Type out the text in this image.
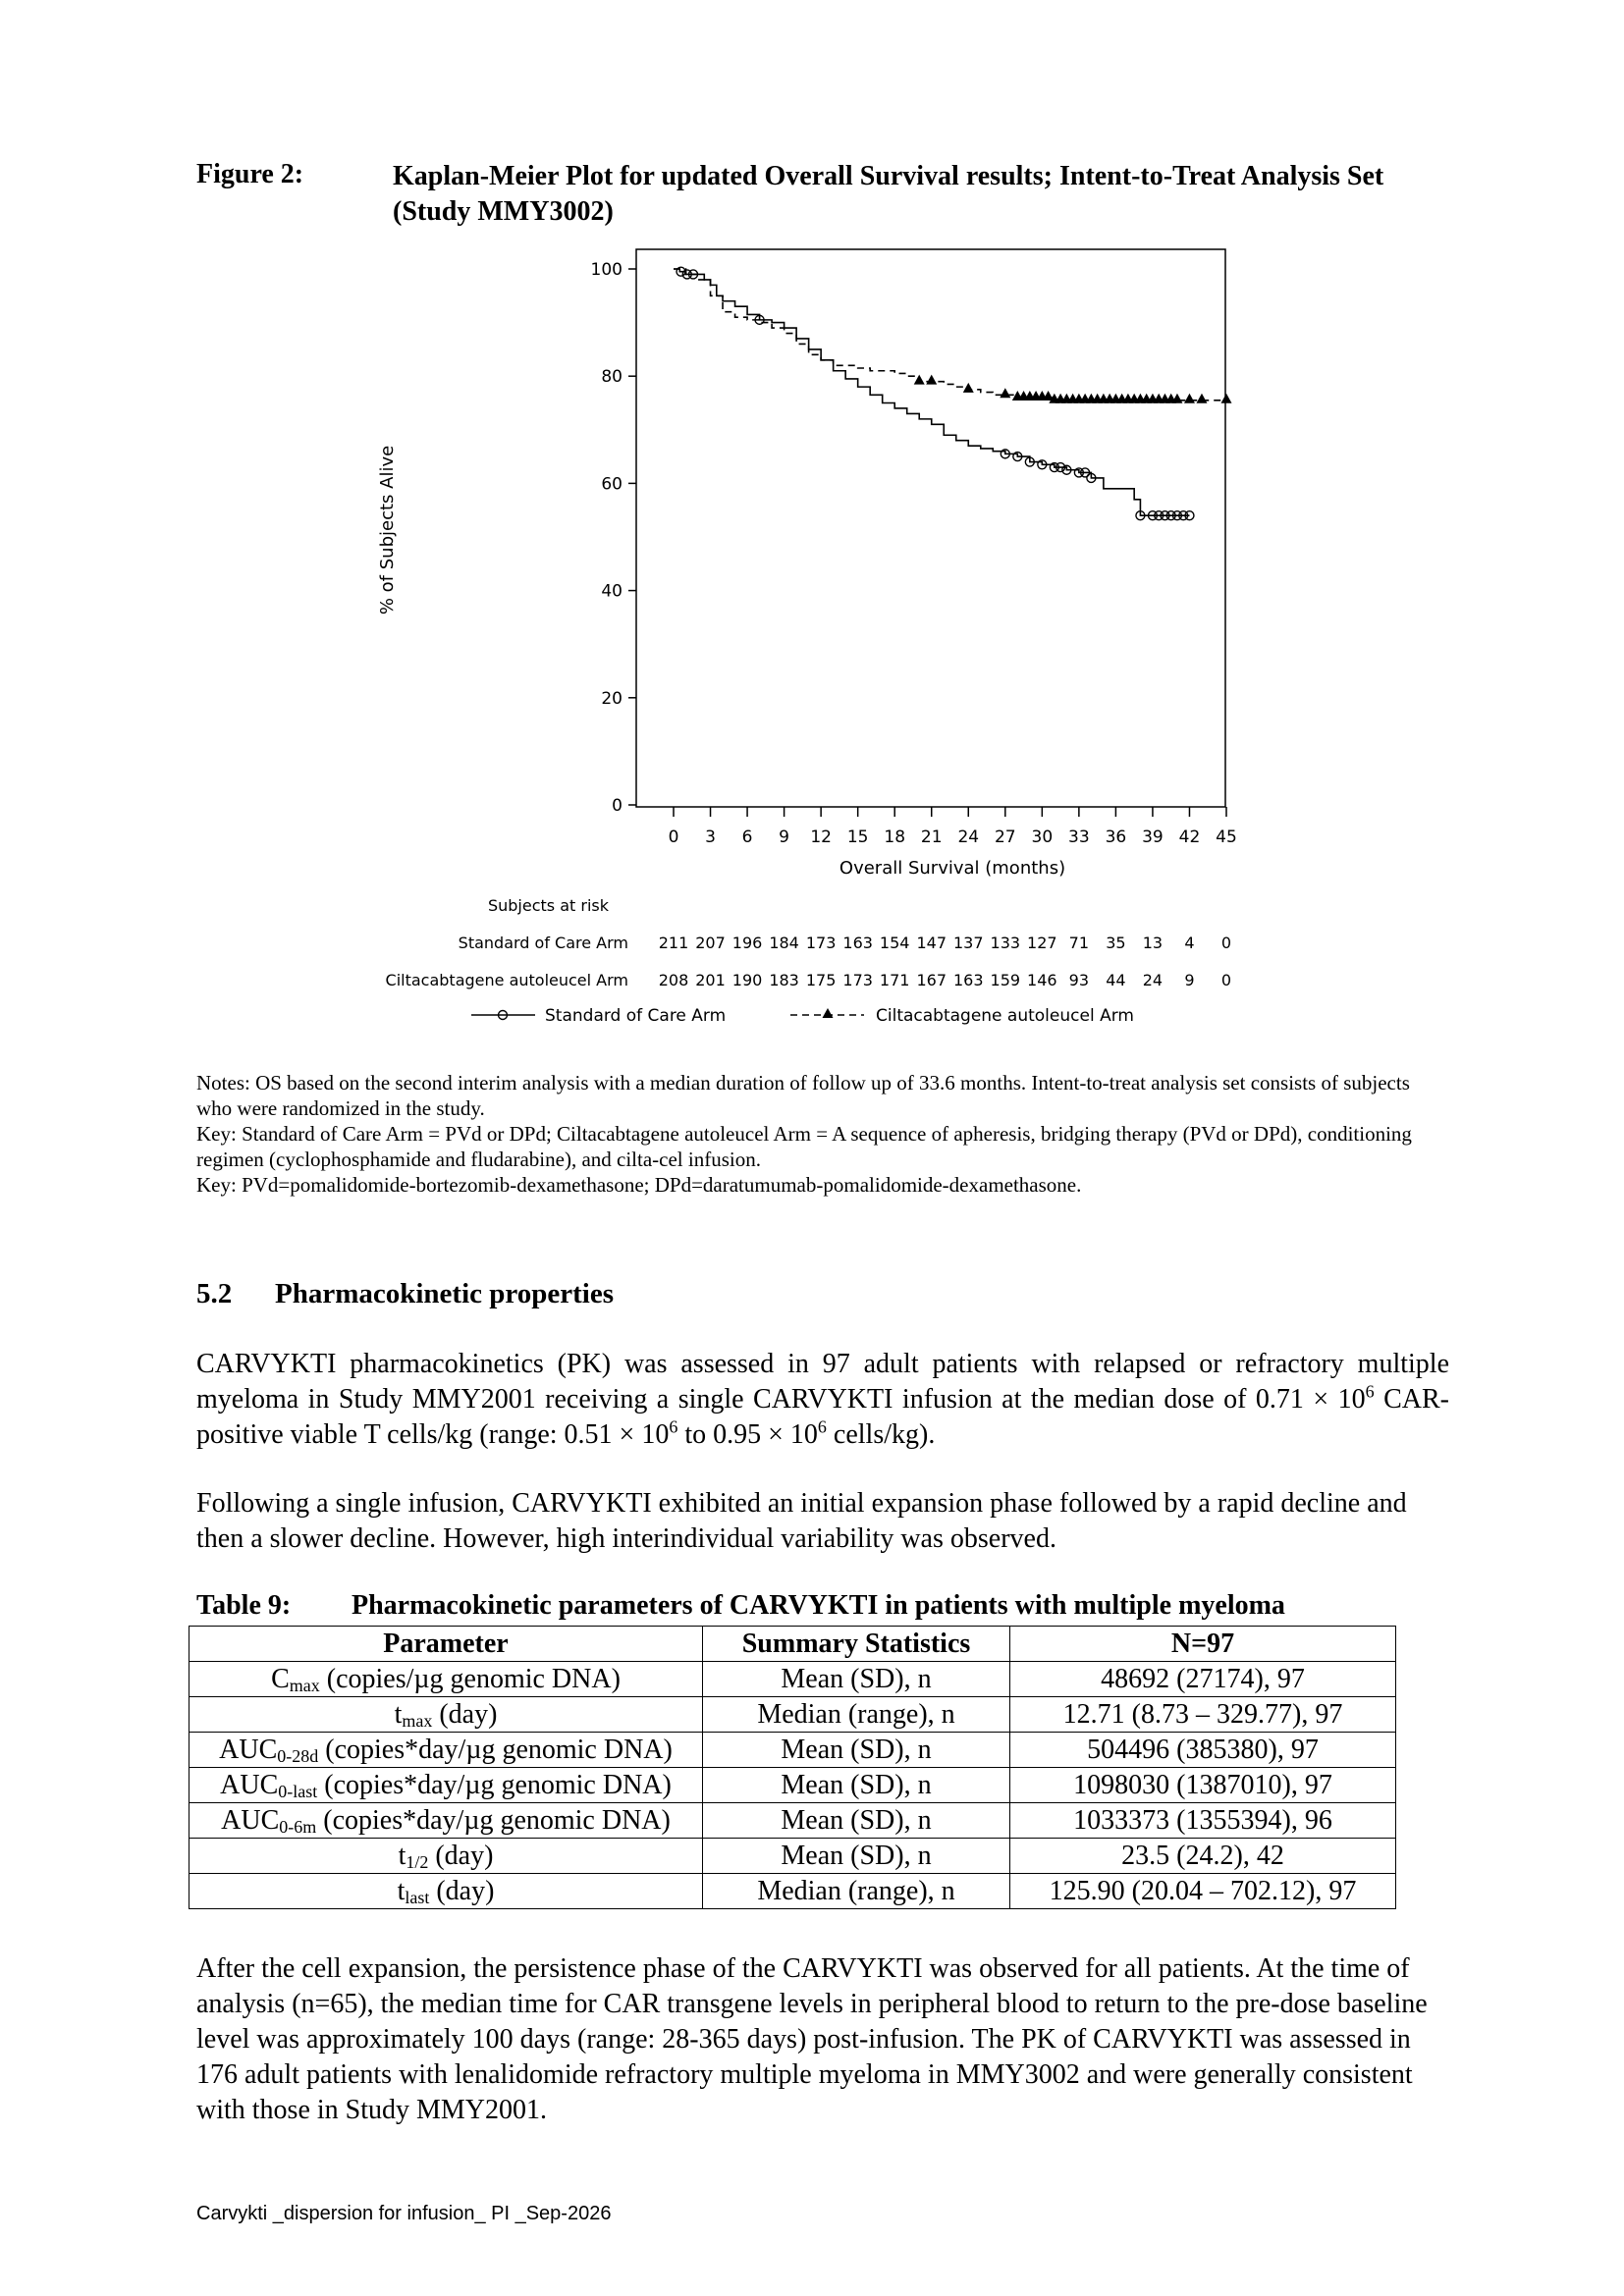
Figure 2:	Kaplan-Meier Plot for updated Overall Survival results; Intent-to-Treat Analysis Set (Study MMY3002)
0
20
40
60
80
100
0 3 6 9 12 15 18 21 24 27 30 33 36 39 42 45
Overall Survival (months)
% of Subjects Alive
Subjects at risk
Standard of Care Arm 211 207 196 184 173 163 154 147 137 133 127 71 35 13 4 0
Ciltacabtagene autoleucel Arm 208 201 190 183 175 173 171 167 163 159 146 93 44 24 9 0
Standard of Care Arm	Ciltacabtagene autoleucel Arm

Notes: OS based on the second interim analysis with a median duration of follow up of 33.6 months. Intent-to-treat analysis set consists of subjects who were randomized in the study.

Key: Standard of Care Arm = PVd or DPd; Ciltacabtagene autoleucel Arm = A sequence of apheresis, bridging therapy (PVd or DPd), conditioning regimen (cyclophosphamide and fludarabine), and cilta-cel infusion.

Key: PVd=pomalidomide-bortezomib-dexamethasone; DPd=daratumumab-pomalidomide-dexamethasone.

5.2 Pharmacokinetic properties

CARVYKTI pharmacokinetics (PK) was assessed in 97 adult patients with relapsed or refractory multiple myeloma in Study MMY2001 receiving a single CARVYKTI infusion at the median dose of $0.71 \times 10^6$ CAR-positive viable T cells/kg (range: $0.51 \times 10^6$ to $0.95 \times 10^6$ cells/kg).

Following a single infusion, CARVYKTI exhibited an initial expansion phase followed by a rapid decline and then a slower decline. However, high interindividual variability was observed.

Table 9: Pharmacokinetic parameters of CARVYKTI in patients with multiple myeloma
Parameter	Summary Statistics	N=97
$C_{max}$ (copies/µg genomic DNA)	Mean (SD), n	48692 (27174), 97
$t_{max}$ (day)	Median (range), n	12.71 (8.73 – 329.77), 97
$AUC_{0-28d}$ (copies*day/µg genomic DNA)	Mean (SD), n	504496 (385380), 97
$AUC_{0-last}$ (copies*day/µg genomic DNA)	Mean (SD), n	1098030 (1387010), 97
$AUC_{0-6m}$ (copies*day/µg genomic DNA)	Mean (SD), n	1033373 (1355394), 96
$t_{1/2}$ (day)	Mean (SD), n	23.5 (24.2), 42
$t_{last}$ (day)	Median (range), n	125.90 (20.04 – 702.12), 97

After the cell expansion, the persistence phase of the CARVYKTI was observed for all patients. At the time of analysis (n=65), the median time for CAR transgene levels in peripheral blood to return to the pre-dose baseline level was approximately 100 days (range: 28-365 days) post-infusion. The PK of CARVYKTI was assessed in 176 adult patients with lenalidomide refractory multiple myeloma in MMY3002 and were generally consistent with those in Study MMY2001.

Carvykti _dispersion for infusion_ PI _Sep-2026
